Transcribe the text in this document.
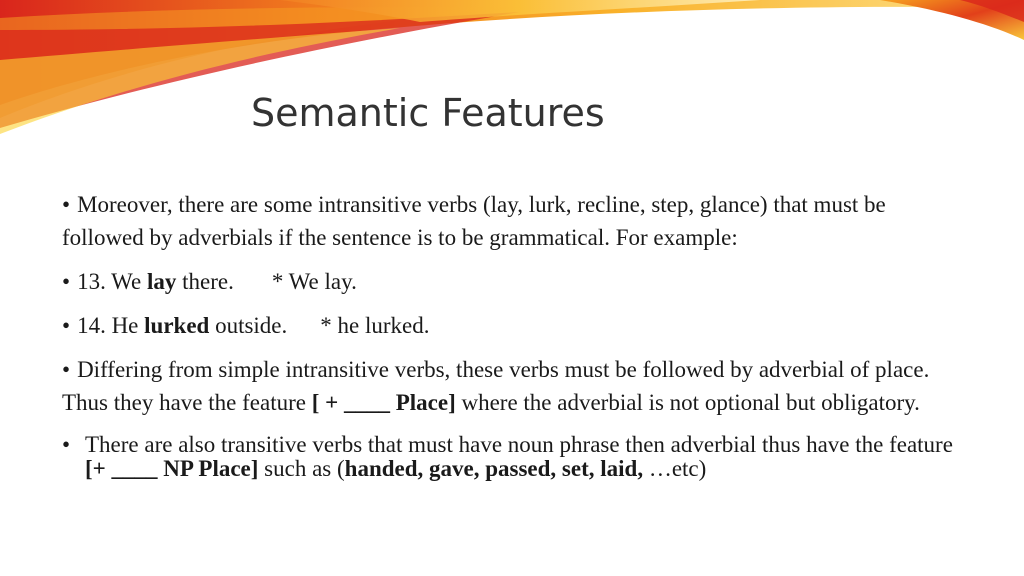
Semantic Features
• Moreover, there are some intransitive verbs (lay, lurk, recline, step, glance) that must be followed by adverbials if the sentence is to be grammatical. For example:
• 13. We lay there. * We lay.
• 14. He lurked outside. * he lurked.
• Differing from simple intransitive verbs, these verbs must be followed by adverbial of place. Thus they have the feature [ + ____ Place] where the adverbial is not optional but obligatory.
• There are also transitive verbs that must have noun phrase then adverbial thus have the feature [+ ____ NP Place] such as (handed, gave, passed, set, laid, …etc)
